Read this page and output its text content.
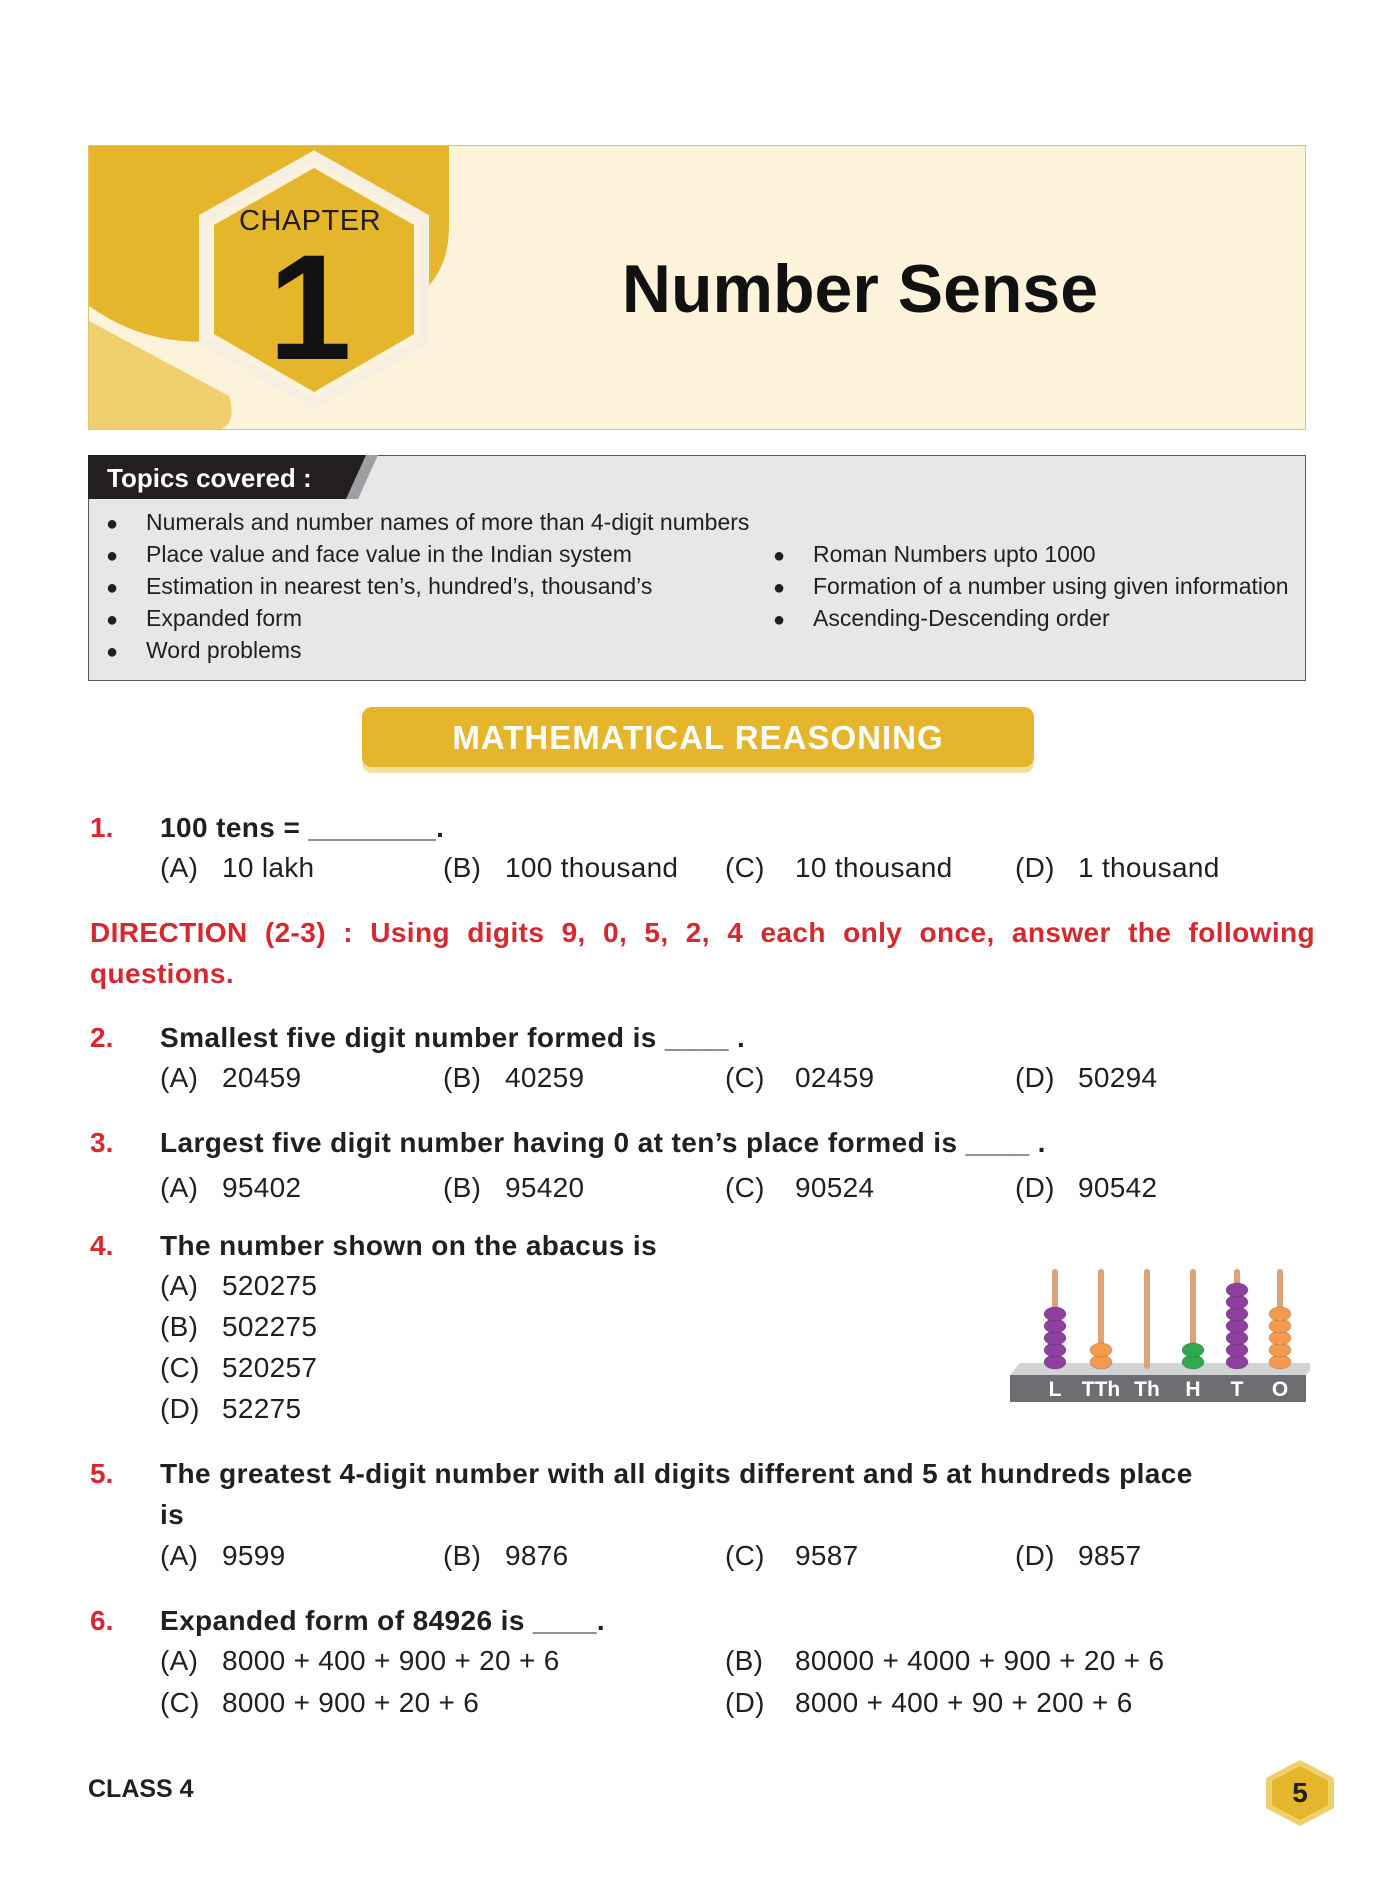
CHAPTER
1	Number Sense
Topics covered :
● Numerals and number names of more than 4-digit numbers
● Place value and face value in the Indian system
● Estimation in nearest ten’s, hundred’s, thousand’s
● Expanded form
● Word problems
● Roman Numbers upto 1000
● Formation of a number using given information
● Ascending-Descending order
MATHEMATICAL REASONING
1. 100 tens = ________.
(A) 10 lakh	(B) 100 thousand (C) 10 thousand (D) 1 thousand
DIRECTION (2-3) : Using digits 9, 0, 5, 2, 4 each only once, answer the following questions.
2. Smallest five digit number formed is ____ .
(A) 20459	(B) 40259	(C) 02459	(D) 50294
3. Largest five digit number having 0 at ten’s place formed is ____ .
(A) 95402	(B) 95420	(C) 90524	(D) 90542
4. The number shown on the abacus is
(A) 520275
(B) 502275
(C) 520257
(D) 52275
L TTh Th H T O
5. The greatest 4-digit number with all digits different and 5 at hundreds place
is
(A) 9599	(B) 9876	(C) 9587	(D) 9857
6. Expanded form of 84926 is ____.
(A) 8000 + 400 + 900 + 20 + 6	(B) 80000 + 4000 + 900 + 20 + 6
(C) 8000 + 900 + 20 + 6	(D) 8000 + 400 + 90 + 200 + 6
CLASS 4	5
